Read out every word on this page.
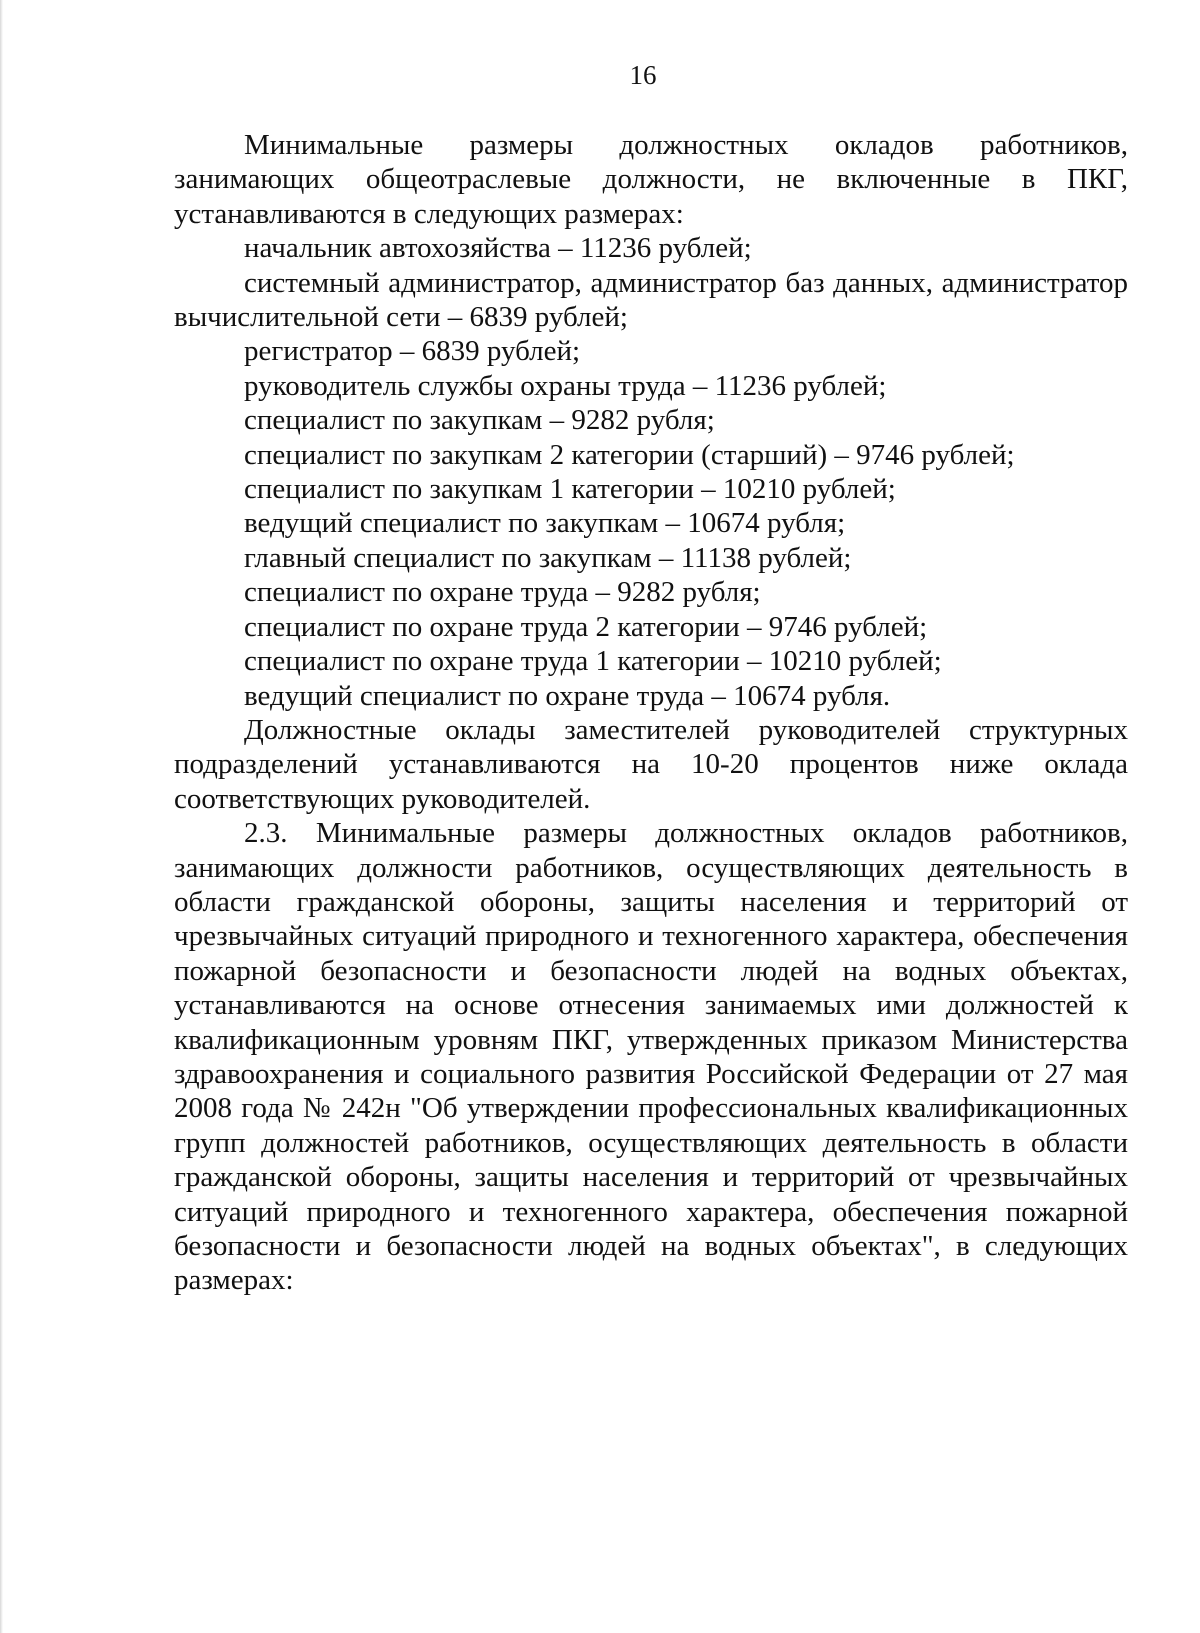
16

Минимальные размеры должностных окладов работников, занимающих общеотраслевые должности, не включенные в ПКГ, устанавливаются в следующих размерах:

начальник автохозяйства – 11236 рублей;

системный администратор, администратор баз данных, администратор вычислительной сети – 6839 рублей;

регистратор – 6839 рублей;

руководитель службы охраны труда – 11236 рублей;

специалист по закупкам – 9282 рубля;

специалист по закупкам 2 категории (старший) – 9746 рублей;

специалист по закупкам 1 категории – 10210 рублей;

ведущий специалист по закупкам – 10674 рубля;

главный специалист по закупкам – 11138 рублей;

специалист по охране труда – 9282 рубля;

специалист по охране труда 2 категории – 9746 рублей;

специалист по охране труда 1 категории – 10210 рублей;

ведущий специалист по охране труда – 10674 рубля.

Должностные оклады заместителей руководителей структурных подразделений устанавливаются на 10-20 процентов ниже оклада соответствующих руководителей.

2.3. Минимальные размеры должностных окладов работников, занимающих должности работников, осуществляющих деятельность в области гражданской обороны, защиты населения и территорий от чрезвычайных ситуаций природного и техногенного характера, обеспечения пожарной безопасности и безопасности людей на водных объектах, устанавливаются на основе отнесения занимаемых ими должностей к квалификационным уровням ПКГ, утвержденных приказом Министерства здравоохранения и социального развития Российской Федерации от 27 мая 2008 года № 242н "Об утверждении профессиональных квалификационных групп должностей работников, осуществляющих деятельность в области гражданской обороны, защиты населения и территорий от чрезвычайных ситуаций природного и техногенного характера, обеспечения пожарной безопасности и безопасности людей на водных объектах", в следующих размерах:
